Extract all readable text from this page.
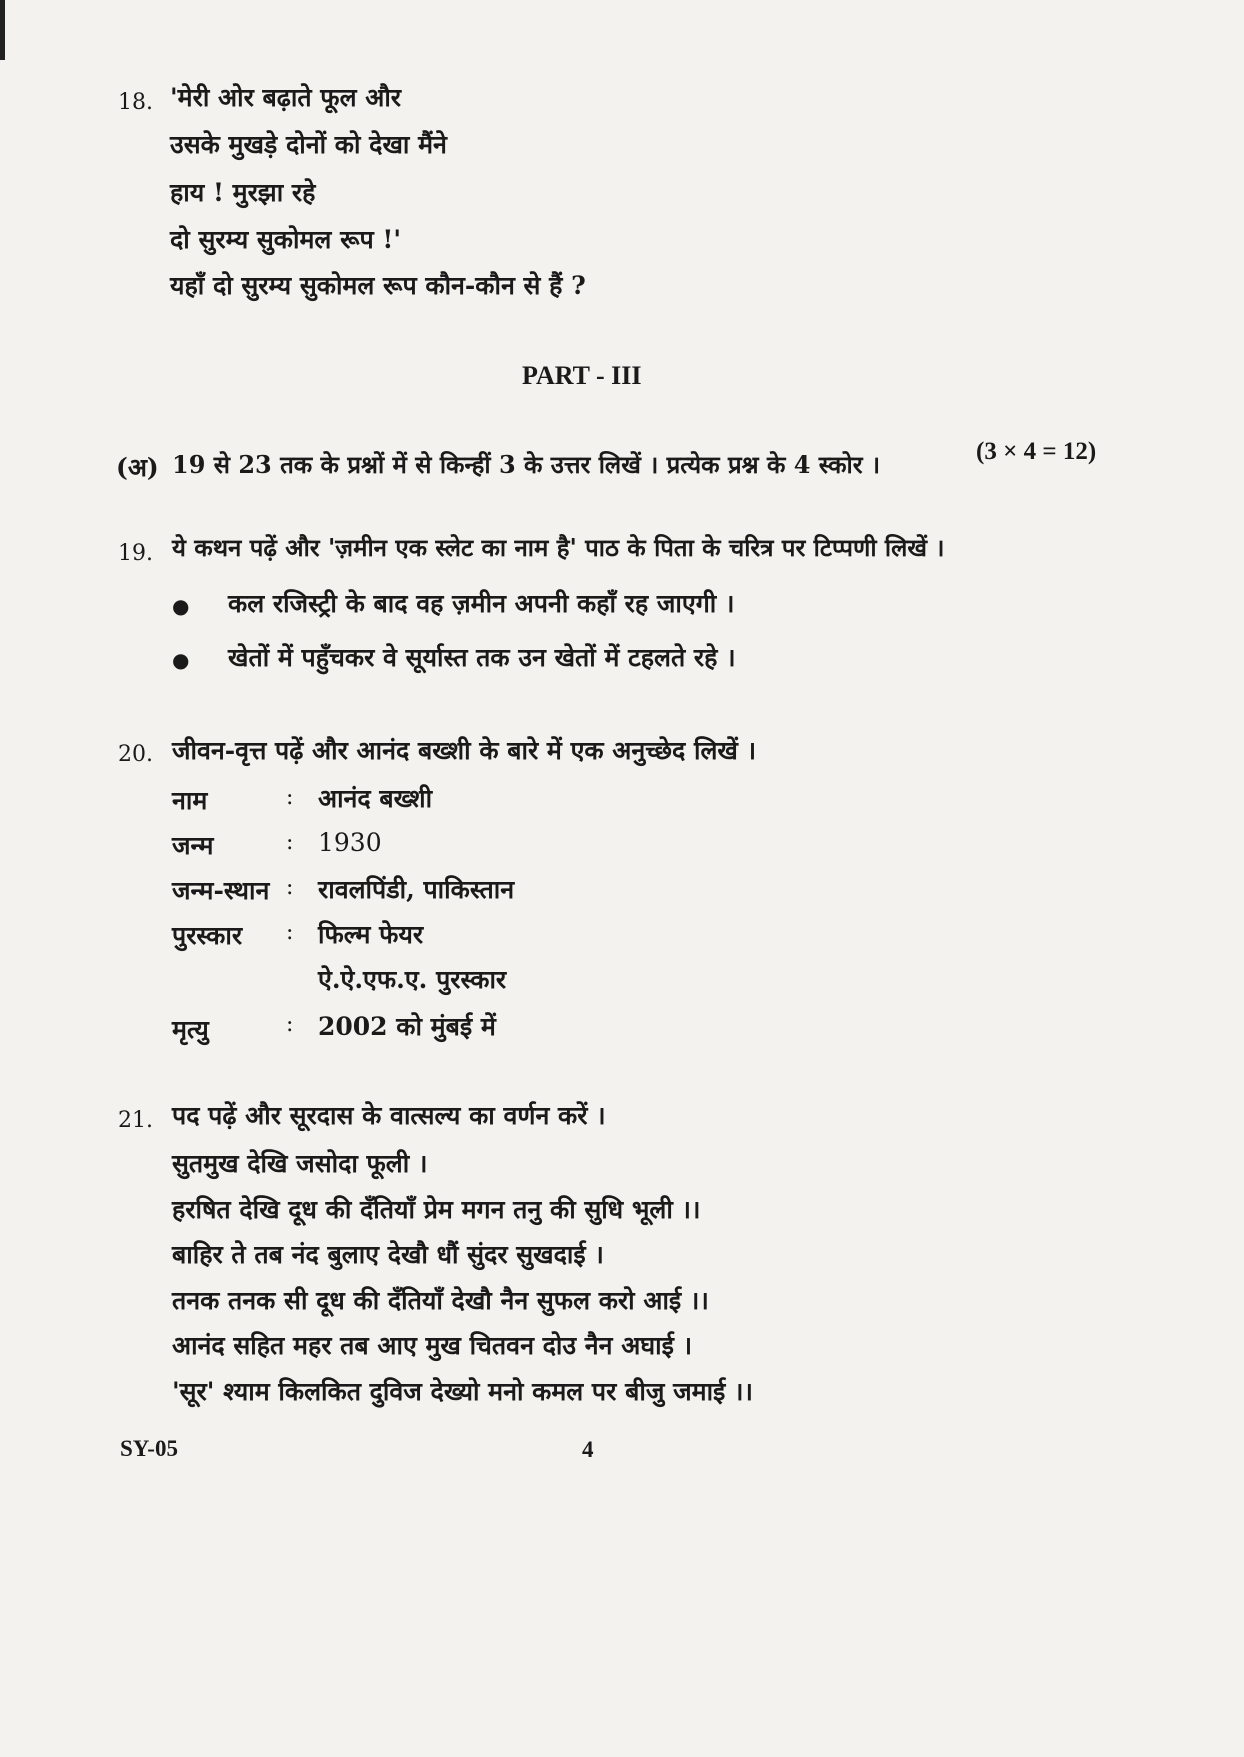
18. 'मेरी ओर बढ़ाते फूल और
उसके मुखड़े दोनों को देखा मैंने
हाय ! मुरझा रहे
दो सुरम्य सुकोमल रूप !'
यहाँ दो सुरम्य सुकोमल रूप कौन-कौन से हैं ?
PART - III
(अ) 19 से 23 तक के प्रश्नों में से किन्हीं 3 के उत्तर लिखें । प्रत्येक प्रश्न के 4 स्कोर ।	(3 × 4 = 12)
19. ये कथन पढ़ें और 'ज़मीन एक स्लेट का नाम है' पाठ के पिता के चरित्र पर टिप्पणी लिखें ।
● कल रजिस्ट्री के बाद वह ज़मीन अपनी कहाँ रह जाएगी ।
● खेतों में पहुँचकर वे सूर्यास्त तक उन खेतों में टहलते रहे ।
20. जीवन-वृत्त पढ़ें और आनंद बख्शी के बारे में एक अनुच्छेद लिखें ।
नाम	: आनंद बख्शी
जन्म	: 1930
जन्म-स्थान : रावलपिंडी, पाकिस्तान
पुरस्कार : फिल्म फेयर
ऐ.ऐ.एफ.ए. पुरस्कार
मृत्यु	: 2002 को मुंबई में
21. पद पढ़ें और सूरदास के वात्सल्य का वर्णन करें ।
सुतमुख देखि जसोदा फूली ।
हरषित देखि दूध की दँतियाँ प्रेम मगन तनु की सुधि भूली ।।
बाहिर ते तब नंद बुलाए देखौ धौं सुंदर सुखदाई ।
तनक तनक सी दूध की दँतियाँ देखौ नैन सुफल करो आई ।।
आनंद सहित महर तब आए मुख चितवन दोउ नैन अघाई ।
'सूर' श्याम किलकित दुविज देख्यो मनो कमल पर बीजु जमाई ।।
SY-05	4
